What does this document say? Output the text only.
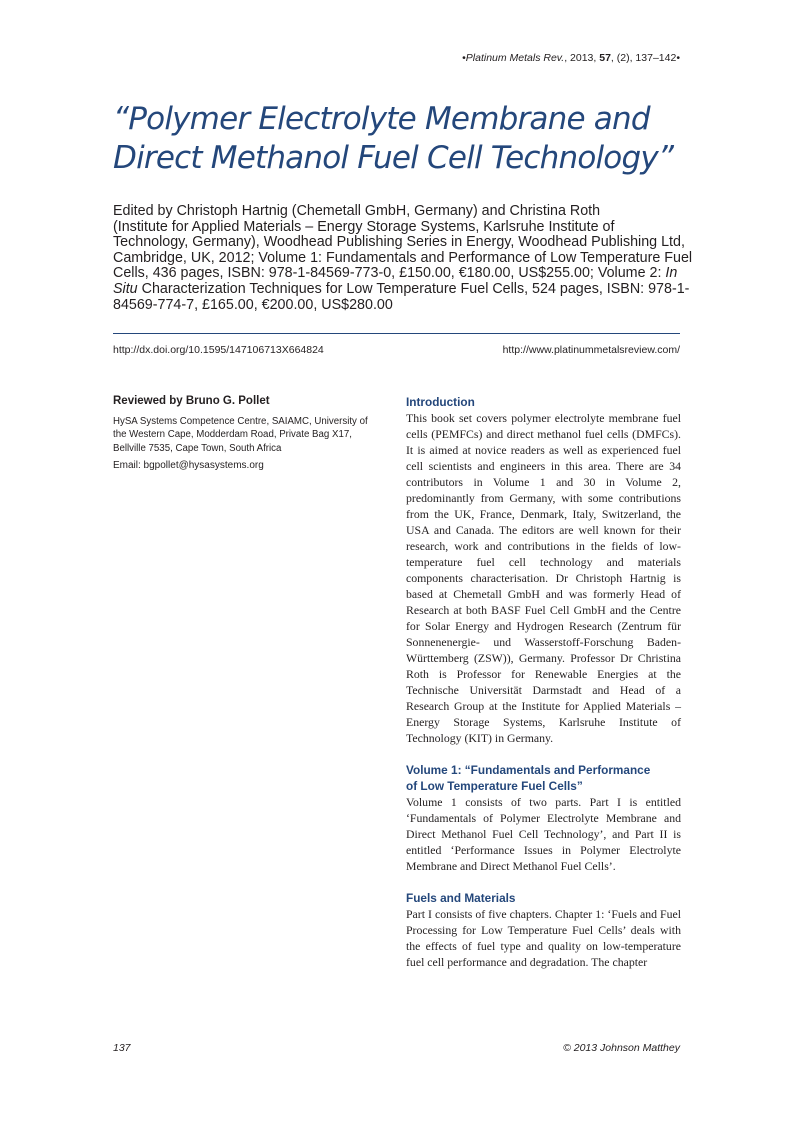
•Platinum Metals Rev., 2013, 57, (2), 137–142•
“Polymer Electrolyte Membrane and
Direct Methanol Fuel Cell Technology”

Edited by Christoph Hartnig (Chemetall GmbH, Germany) and Christina Roth
(Institute for Applied Materials – Energy Storage Systems, Karlsruhe Institute of
Technology, Germany), Woodhead Publishing Series in Energy, Woodhead Publishing Ltd,
Cambridge, UK, 2012; Volume 1: Fundamentals and Performance of Low Temperature Fuel
Cells, 436 pages, ISBN: 978-1-84569-773-0, £150.00, €180.00, US$255.00; Volume 2: In
Situ Characterization Techniques for Low Temperature Fuel Cells, 524 pages, ISBN: 978-1-
84569-774-7, £165.00, €200.00, US$280.00

http://dx.doi.org/10.1595/147106713X664824	http://www.platinummetalsreview.com/

Reviewed by Bruno G. Pollet

HySA Systems Competence Centre, SAIAMC, University of
the Western Cape, Modderdam Road, Private Bag X17,
Bellville 7535, Cape Town, South Africa

Email: bgpollet@hysasystems.org

Introduction

This book set covers polymer electrolyte membrane fuel cells (PEMFCs) and direct methanol fuel cells (DMFCs). It is aimed at novice readers as well as experienced fuel cell scientists and engineers in this area. There are 34 contributors in Volume 1 and 30 in Volume 2, predominantly from Germany, with some contributions from the UK, France, Denmark, Italy, Switzerland, the USA and Canada. The editors are well known for their research, work and contributions in the fields of low-temperature fuel cell technology and materials components characterisation. Dr Christoph Hartnig is based at Chemetall GmbH and was formerly Head of Research at both BASF Fuel Cell GmbH and the Centre for Solar Energy and Hydrogen Research (Zentrum für Sonnenenergie- und Wasserstoff-Forschung Baden-Württemberg (ZSW)), Germany. Professor Dr Christina Roth is Professor for Renewable Energies at the Technische Universität Darmstadt and Head of a Research Group at the Institute for Applied Materials – Energy Storage Systems, Karlsruhe Institute of Technology (KIT) in Germany.

Volume 1: “Fundamentals and Performance
of Low Temperature Fuel Cells”

Volume 1 consists of two parts. Part I is entitled ‘Fundamentals of Polymer Electrolyte Membrane and Direct Methanol Fuel Cell Technology’, and Part II is entitled ‘Performance Issues in Polymer Electrolyte Membrane and Direct Methanol Fuel Cells’.

Fuels and Materials

Part I consists of five chapters. Chapter 1: ‘Fuels and Fuel Processing for Low Temperature Fuel Cells’ deals with the effects of fuel type and quality on low-temperature fuel cell performance and degradation. The chapter

137	© 2013 Johnson Matthey
